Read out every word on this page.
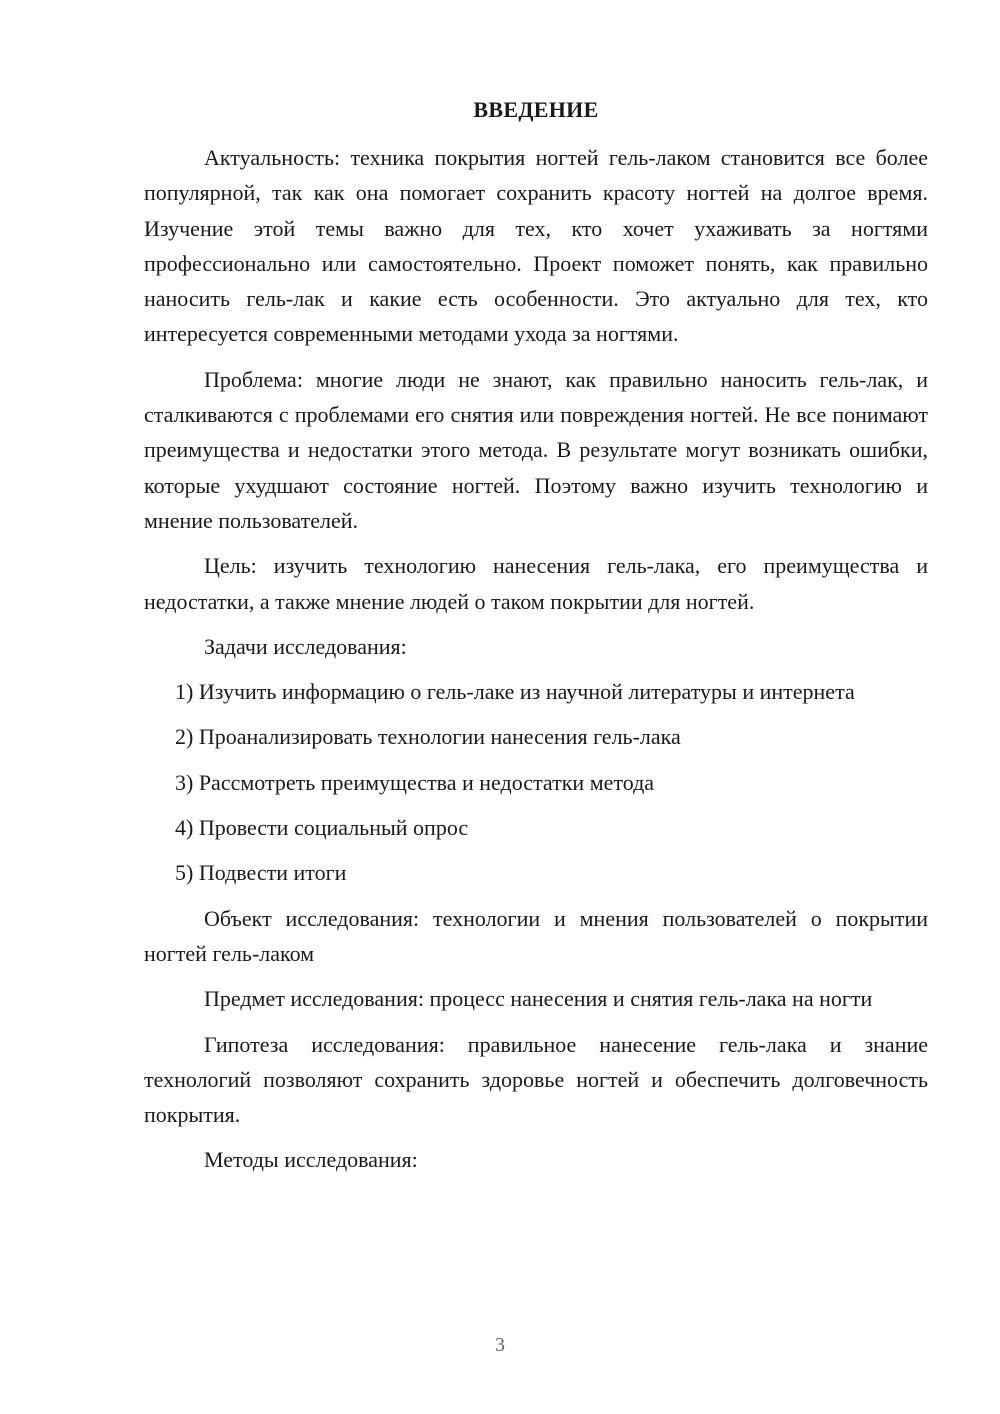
ВВЕДЕНИЕ

Актуальность: техника покрытия ногтей гель-лаком становится все более популярной, так как она помогает сохранить красоту ногтей на долгое время. Изучение этой темы важно для тех, кто хочет ухаживать за ногтями профессионально или самостоятельно. Проект поможет понять, как правильно наносить гель-лак и какие есть особенности. Это актуально для тех, кто интересуется современными методами ухода за ногтями.

Проблема: многие люди не знают, как правильно наносить гель-лак, и сталкиваются с проблемами его снятия или повреждения ногтей. Не все понимают преимущества и недостатки этого метода. В результате могут возникать ошибки, которые ухудшают состояние ногтей. Поэтому важно изучить технологию и мнение пользователей.

Цель: изучить технологию нанесения гель-лака, его преимущества и недостатки, а также мнение людей о таком покрытии для ногтей.

Задачи исследования:

1) Изучить информацию о гель-лаке из научной литературы и интернета

2) Проанализировать технологии нанесения гель-лака

3) Рассмотреть преимущества и недостатки метода

4) Провести социальный опрос

5) Подвести итоги

Объект исследования: технологии и мнения пользователей о покрытии ногтей гель-лаком

Предмет исследования: процесс нанесения и снятия гель-лака на ногти

Гипотеза исследования: правильное нанесение гель-лака и знание технологий позволяют сохранить здоровье ногтей и обеспечить долговечность покрытия.

Методы исследования:

3
